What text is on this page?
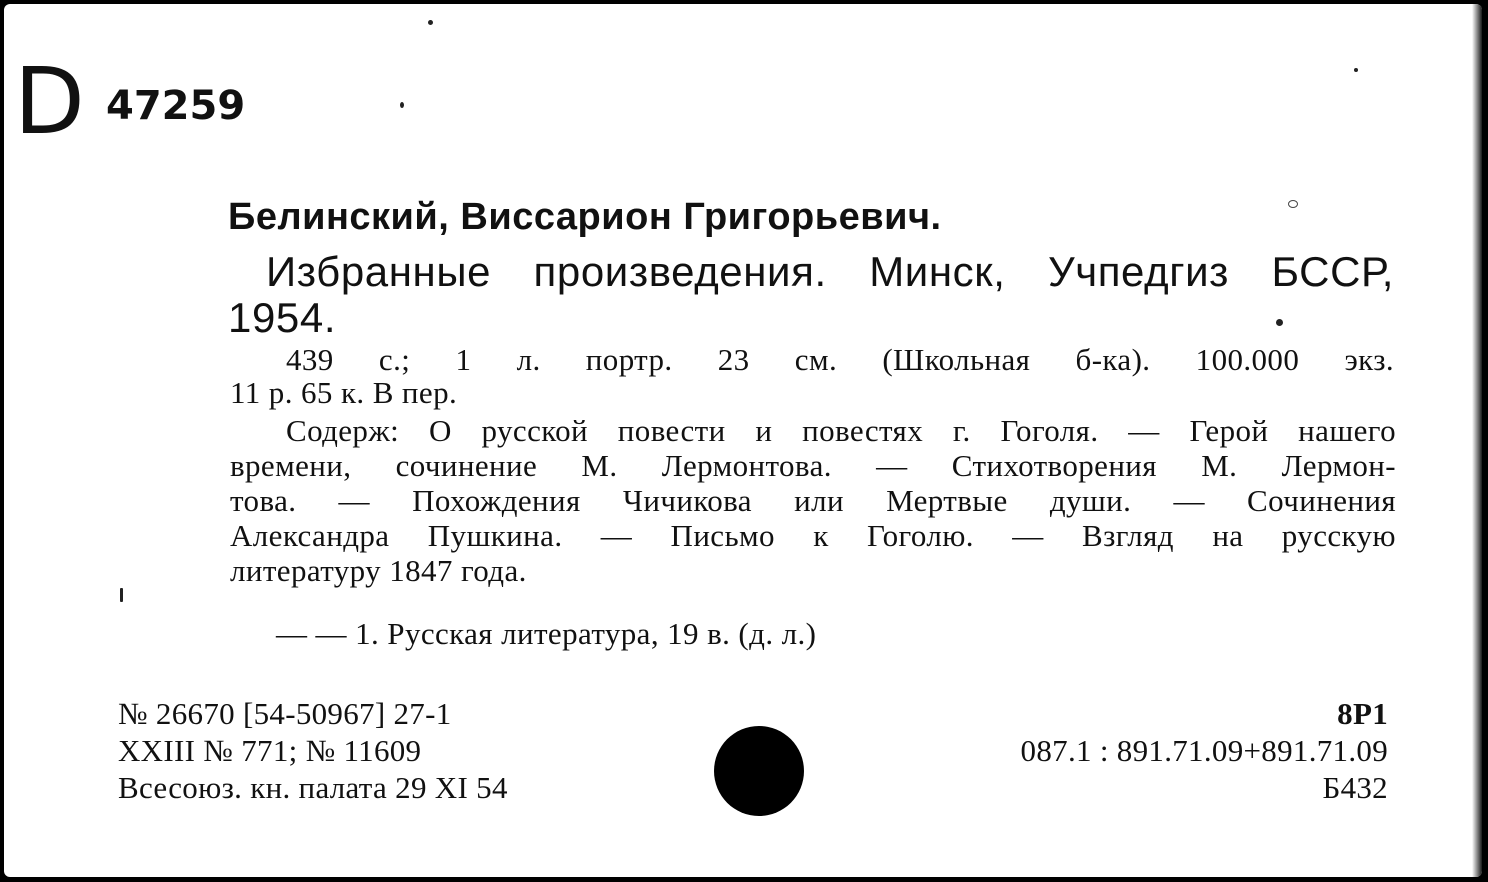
D 47259
Белинский, Виссарион Григорьевич.
Избранные произведения. Минск, Учпедгиз БССР,
1954.
439 с.; 1 л. портр. 23 см. (Школьная б-ка). 100.000 экз.
11 р. 65 к. В пер.
Содерж: О русской повести и повестях г. Гоголя. — Герой нашего
времени, сочинение М. Лермонтова. — Стихотворения М. Лермон-
това. — Похождения Чичикова или Мертвые души. — Сочинения
Александра Пушкина. — Письмо к Гоголю. — Взгляд на русскую
литературу 1847 года.
— — 1. Русская литература, 19 в. (д. л.)
№ 26670 [54-50967] 27-1
XXIII № 771; № 11609
Всесоюз. кн. палата 29 XI 54
8Р1
087.1 : 891.71.09+891.71.09
Б432
